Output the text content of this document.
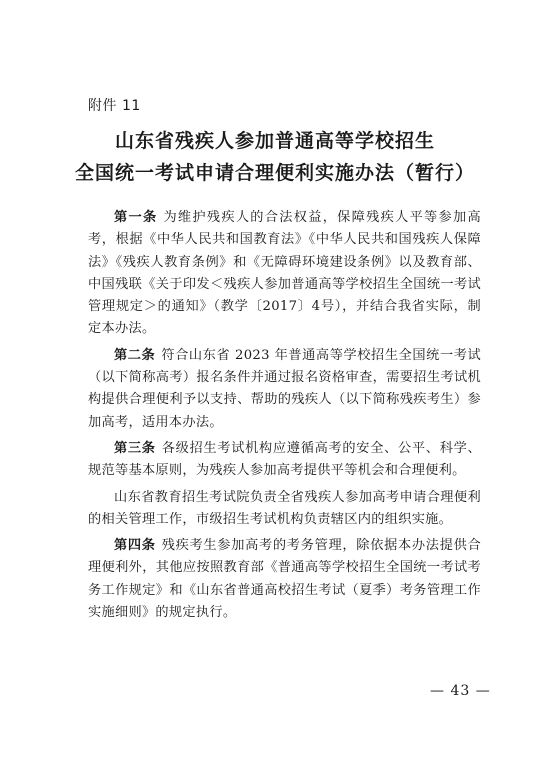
附件 11
山东省残疾人参加普通高等学校招生
全国统一考试申请合理便利实施办法（暂行）

第一条 为维护残疾人的合法权益，保障残疾人平等参加高考，根据《中华人民共和国教育法》《中华人民共和国残疾人保障法》《残疾人教育条例》和《无障碍环境建设条例》以及教育部、中国残联《关于印发＜残疾人参加普通高等学校招生全国统一考试管理规定＞的通知》（教学〔2017〕4号），并结合我省实际，制定本办法。

第二条 符合山东省 2023 年普通高等学校招生全国统一考试（以下简称高考）报名条件并通过报名资格审查，需要招生考试机构提供合理便利予以支持、帮助的残疾人（以下简称残疾考生）参加高考，适用本办法。

第三条 各级招生考试机构应遵循高考的安全、公平、科学、规范等基本原则，为残疾人参加高考提供平等机会和合理便利。

山东省教育招生考试院负责全省残疾人参加高考申请合理便利的相关管理工作，市级招生考试机构负责辖区内的组织实施。

第四条 残疾考生参加高考的考务管理，除依据本办法提供合理便利外，其他应按照教育部《普通高等学校招生全国统一考试考务工作规定》和《山东省普通高校招生考试（夏季）考务管理工作实施细则》的规定执行。

— 43 —
